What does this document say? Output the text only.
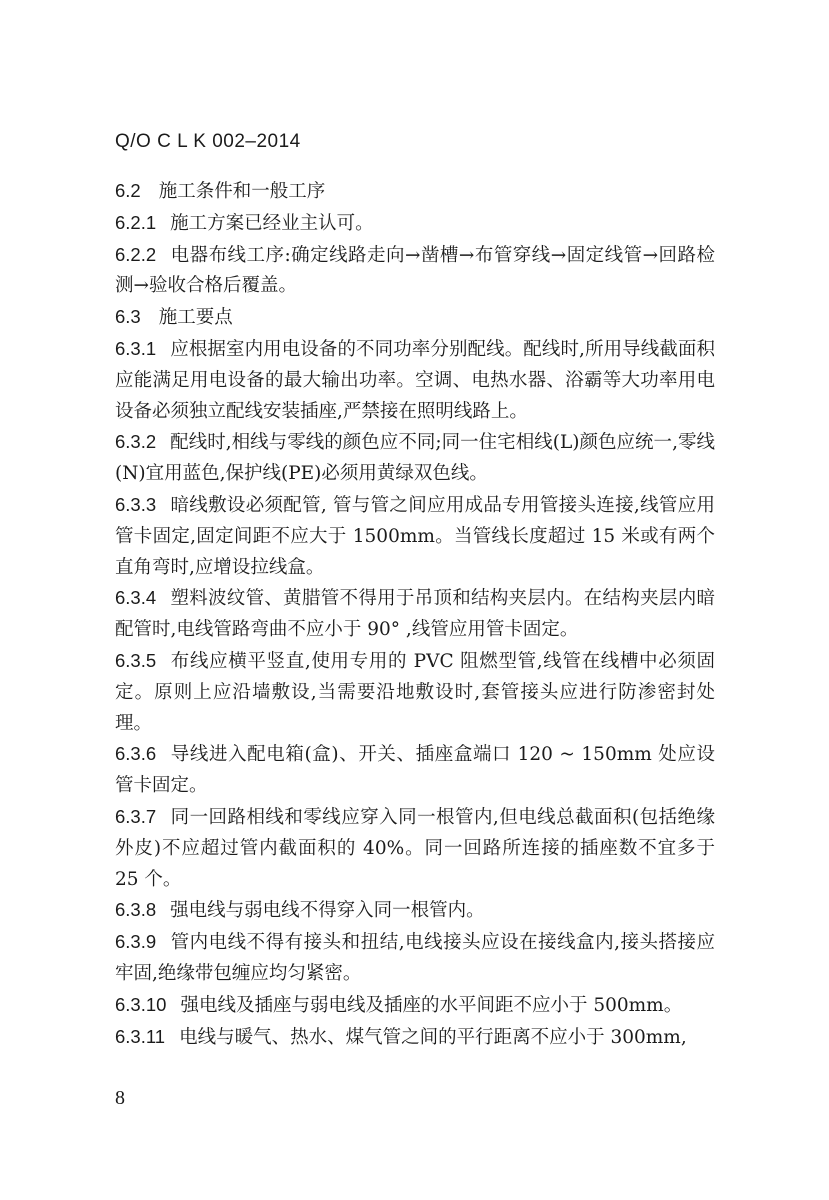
Q/O C L K 002–2014
6.2 施工条件和一般工序
6.2.1 施工方案已经业主认可。
6.2.2 电器布线工序:确定线路走向→凿槽→布管穿线→固定线管→回路检测→验收合格后覆盖。
6.3 施工要点
6.3.1 应根据室内用电设备的不同功率分别配线。配线时,所用导线截面积应能满足用电设备的最大输出功率。空调、电热水器、浴霸等大功率用电设备必须独立配线安装插座,严禁接在照明线路上。
6.3.2 配线时,相线与零线的颜色应不同;同一住宅相线(L)颜色应统一,零线(N)宜用蓝色,保护线(PE)必须用黄绿双色线。
6.3.3 暗线敷设必须配管, 管与管之间应用成品专用管接头连接,线管应用管卡固定,固定间距不应大于 1500mm。当管线长度超过 15 米或有两个直角弯时,应增设拉线盒。
6.3.4 塑料波纹管、黄腊管不得用于吊顶和结构夹层内。在结构夹层内暗配管时,电线管路弯曲不应小于 90° ,线管应用管卡固定。
6.3.5 布线应横平竖直,使用专用的 PVC 阻燃型管,线管在线槽中必须固定。原则上应沿墙敷设,当需要沿地敷设时,套管接头应进行防渗密封处理。
6.3.6 导线进入配电箱(盒)、开关、插座盒端口 120 ~ 150mm 处应设管卡固定。
6.3.7 同一回路相线和零线应穿入同一根管内,但电线总截面积(包括绝缘外皮)不应超过管内截面积的 40%。同一回路所连接的插座数不宜多于 25 个。
6.3.8 强电线与弱电线不得穿入同一根管内。
6.3.9 管内电线不得有接头和扭结,电线接头应设在接线盒内,接头搭接应牢固,绝缘带包缠应均匀紧密。
6.3.10 强电线及插座与弱电线及插座的水平间距不应小于 500mm。
6.3.11 电线与暖气、热水、煤气管之间的平行距离不应小于 300mm,
8
